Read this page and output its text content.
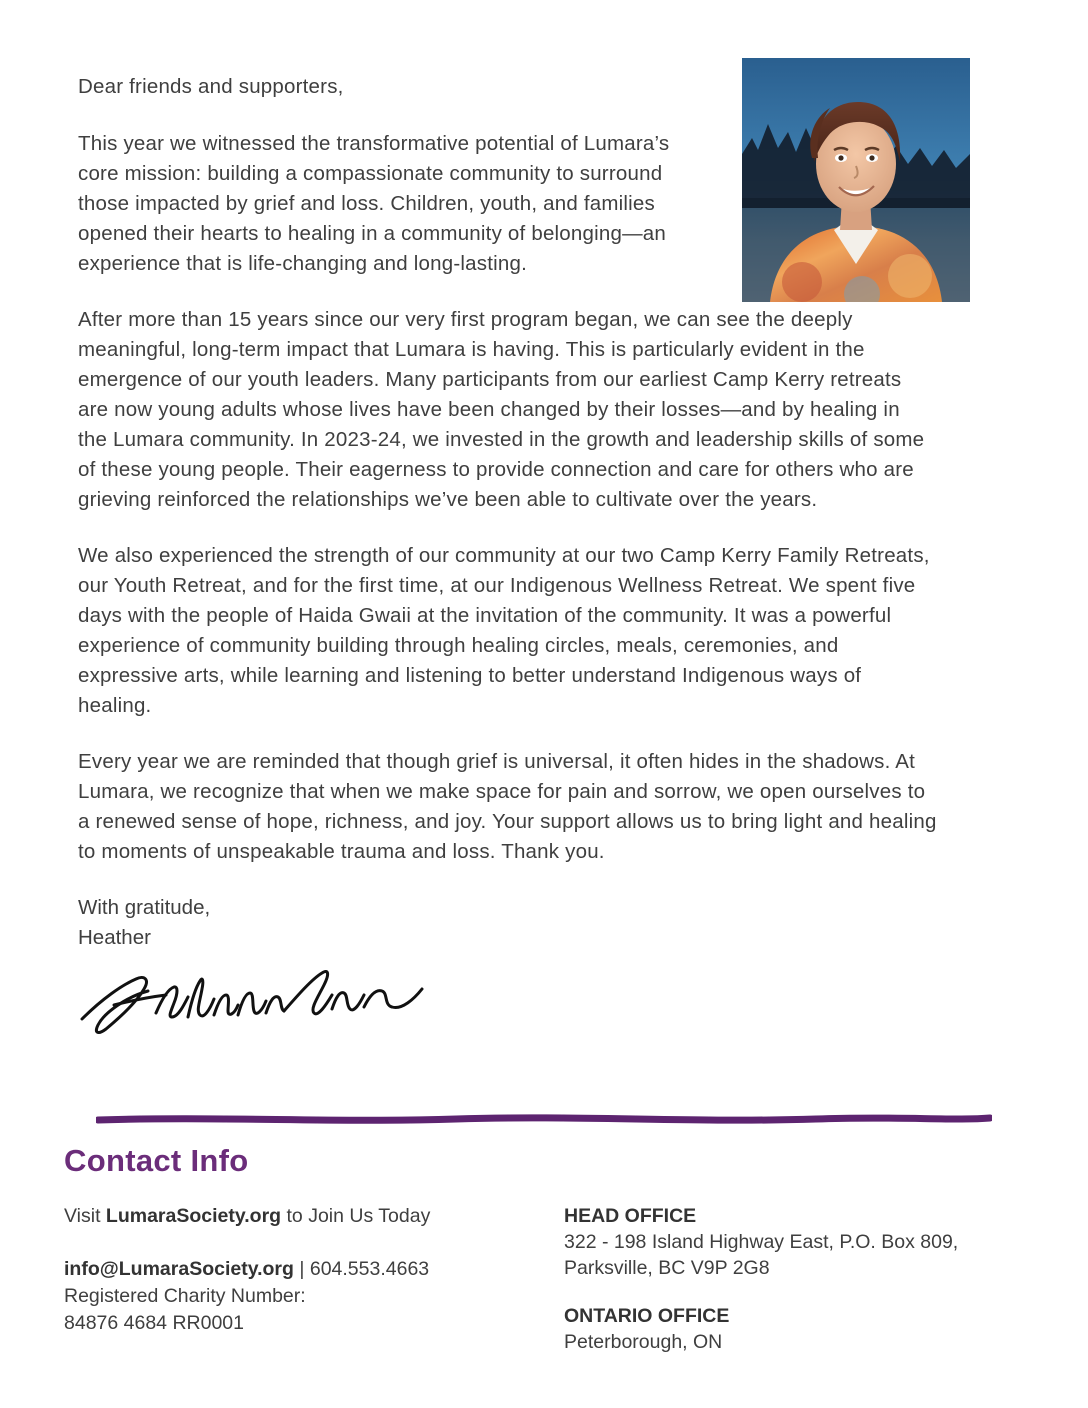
Dear friends and supporters,

This year we witnessed the transformative potential of Lumara’s core mission: building a compassionate community to surround those impacted by grief and loss. Children, youth, and families opened their hearts to healing in a community of belonging—an experience that is life-changing and long-lasting.

After more than 15 years since our very first program began, we can see the deeply meaningful, long-term impact that Lumara is having. This is particularly evident in the emergence of our youth leaders. Many participants from our earliest Camp Kerry retreats are now young adults whose lives have been changed by their losses—and by healing in the Lumara community. In 2023-24, we invested in the growth and leadership skills of some of these young people. Their eagerness to provide connection and care for others who are grieving reinforced the relationships we’ve been able to cultivate over the years.

We also experienced the strength of our community at our two Camp Kerry Family Retreats, our Youth Retreat, and for the first time, at our Indigenous Wellness Retreat. We spent five days with the people of Haida Gwaii at the invitation of the community. It was a powerful experience of community building through healing circles, meals, ceremonies, and expressive arts, while learning and listening to better understand Indigenous ways of healing.

Every year we are reminded that though grief is universal, it often hides in the shadows. At Lumara, we recognize that when we make space for pain and sorrow, we open ourselves to a renewed sense of hope, richness, and joy. Your support allows us to bring light and healing to moments of unspeakable trauma and loss. Thank you.

With gratitude,

Heather

Contact Info

Visit LumaraSociety.org to Join Us Today

info@LumaraSociety.org | 604.553.4663

Registered Charity Number:

84876 4684 RR0001

HEAD OFFICE

322 - 198 Island Highway East, P.O. Box 809,

Parksville, BC V9P 2G8

ONTARIO OFFICE

Peterborough, ON
